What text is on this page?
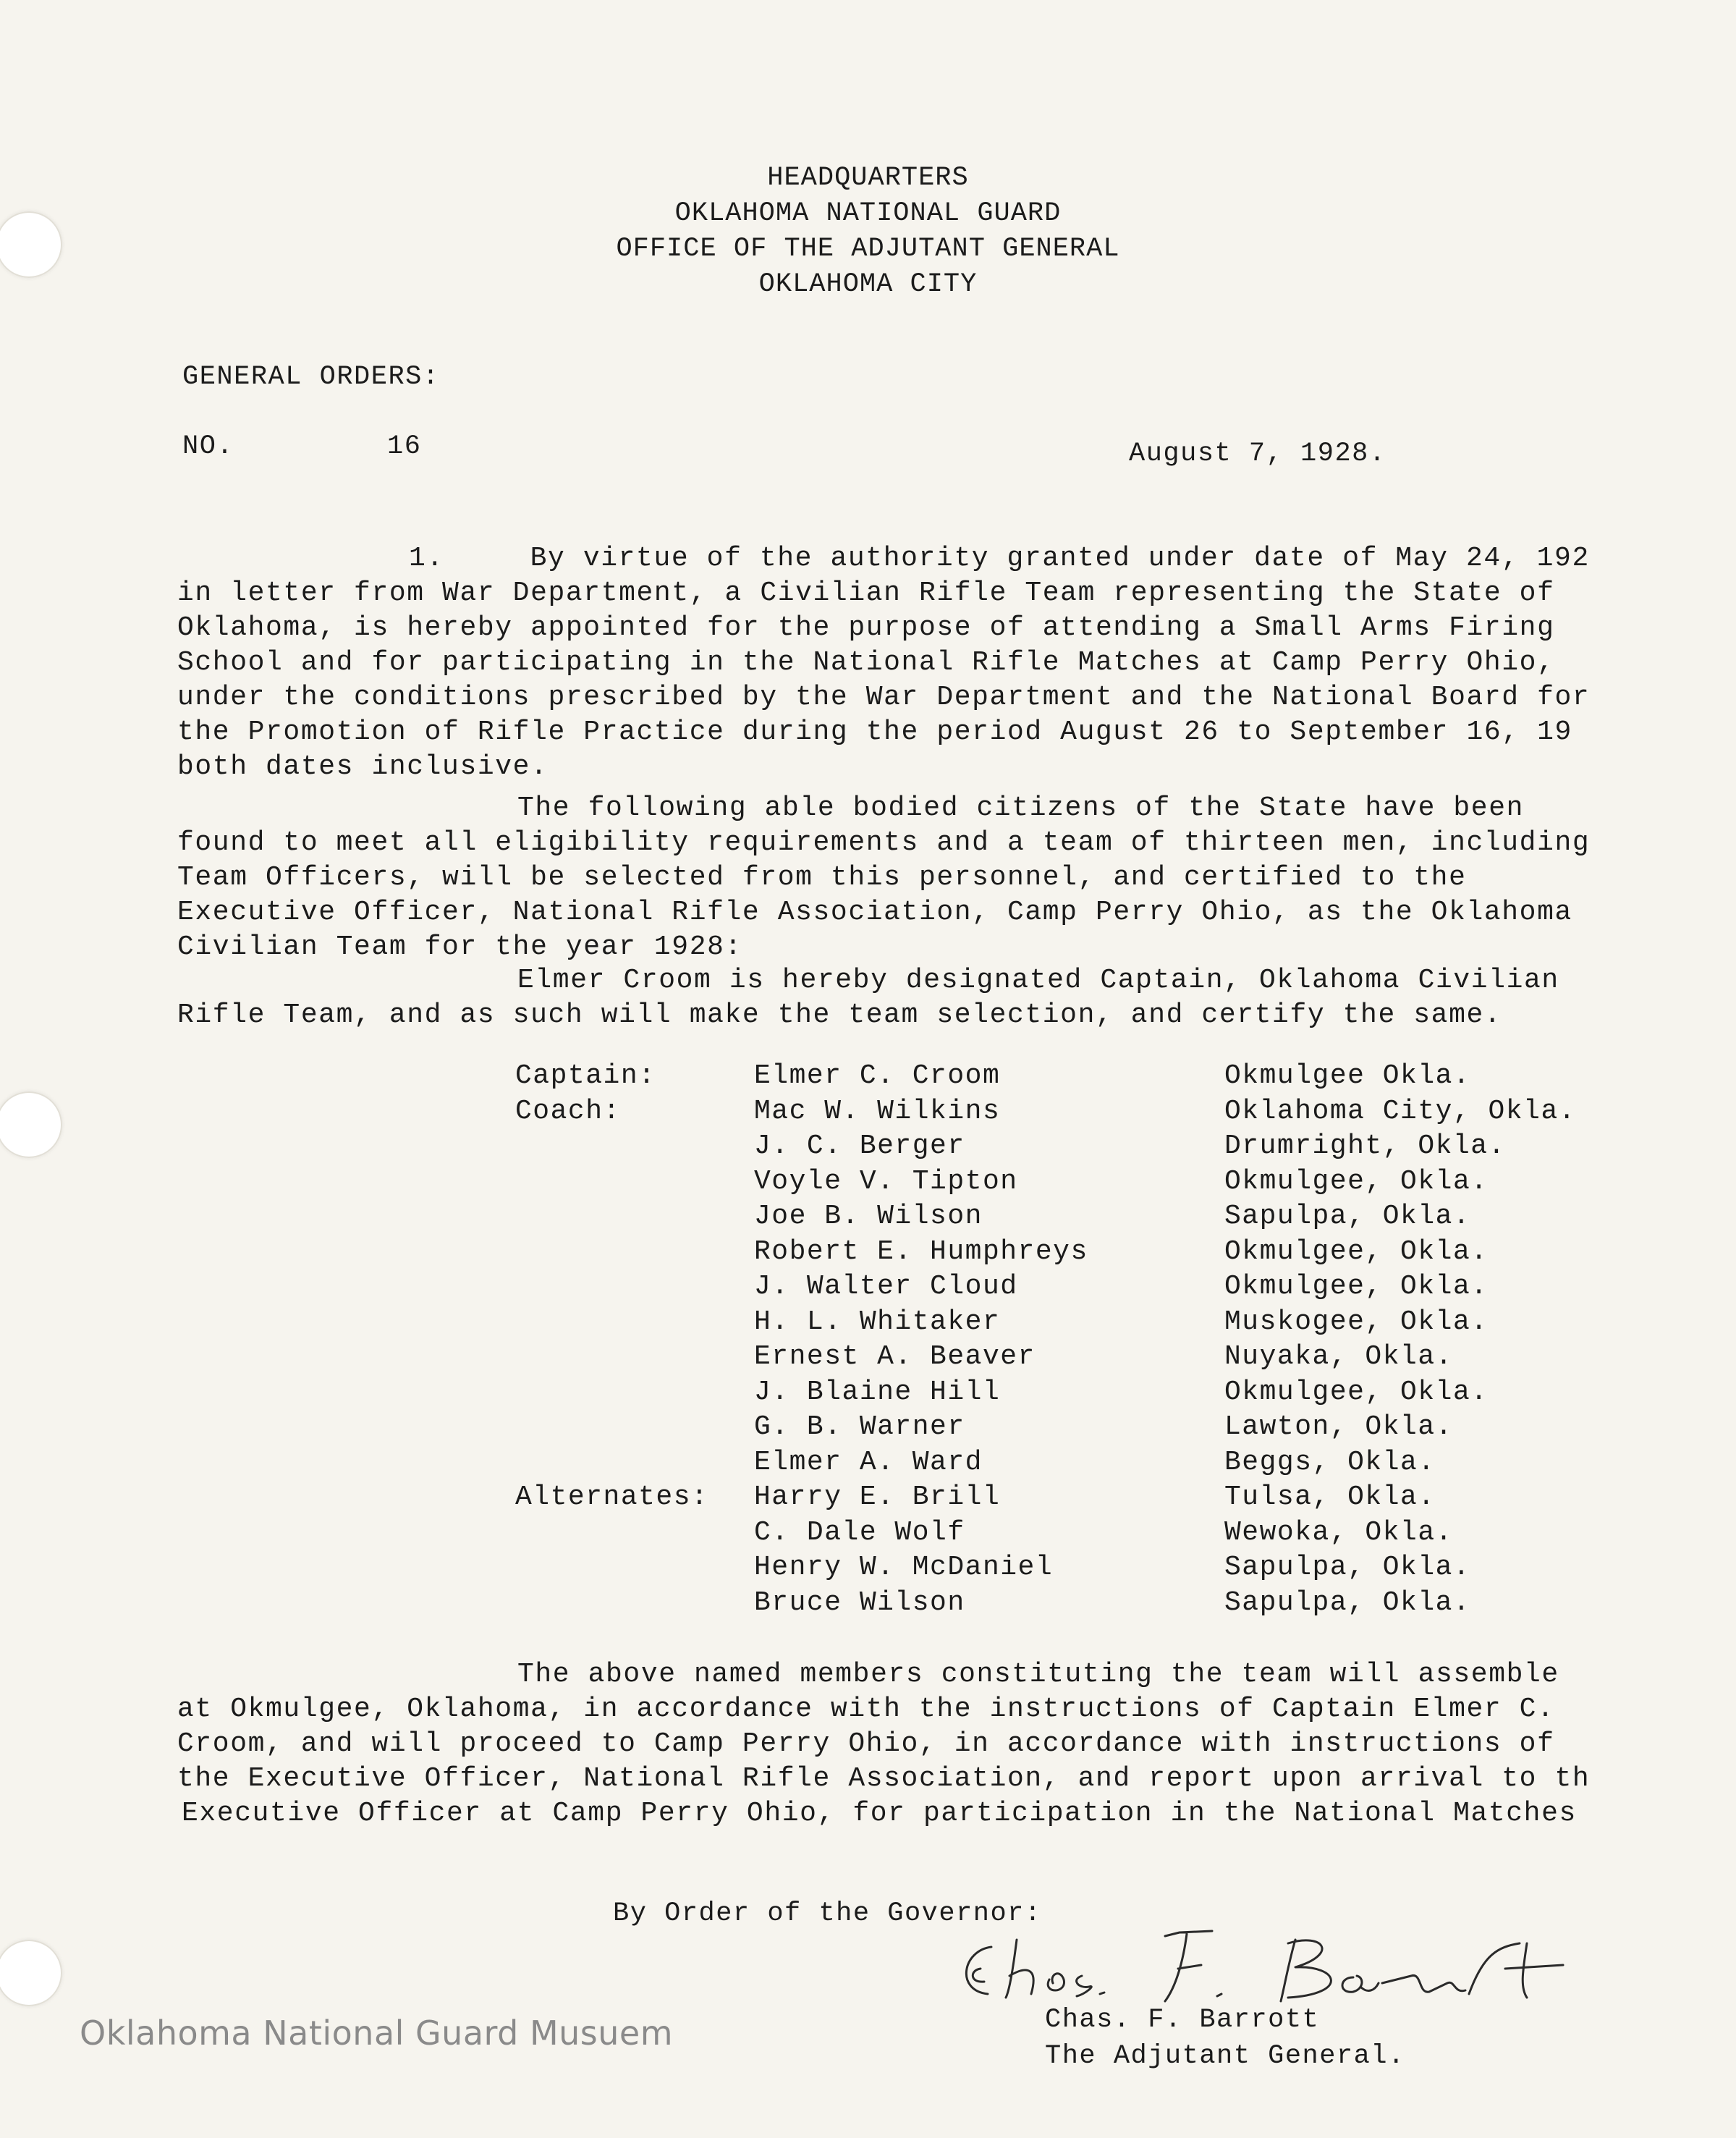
HEADQUARTERS
OKLAHOMA NATIONAL GUARD
OFFICE OF THE ADJUTANT GENERAL
OKLAHOMA CITY
GENERAL ORDERS:
NO.	16	August 7, 1928.
1.	By virtue of the authority granted under date of May 24, 192
in letter from War Department, a Civilian Rifle Team representing the State of
Oklahoma, is hereby appointed for the purpose of attending a Small Arms Firing
School and for participating in the National Rifle Matches at Camp Perry Ohio,
under the conditions prescribed by the War Department and the National Board for
the Promotion of Rifle Practice during the period August 26 to September 16, 19
both dates inclusive.
The following able bodied citizens of the State have been
found to meet all eligibility requirements and a team of thirteen men, including
Team Officers, will be selected from this personnel, and certified to the
Executive Officer, National Rifle Association, Camp Perry Ohio, as the Oklahoma
Civilian Team for the year 1928:
Elmer Croom is hereby designated Captain, Oklahoma Civilian
Rifle Team, and as such will make the team selection, and certify the same.
Captain:	Elmer C. Croom	Okmulgee Okla.
Coach:	Mac W. Wilkins	Oklahoma City, Okla.
J. C. Berger	Drumright, Okla.
Voyle V. Tipton	Okmulgee, Okla.
Joe B. Wilson	Sapulpa, Okla.
Robert E. Humphreys	Okmulgee, Okla.
J. Walter Cloud	Okmulgee, Okla.
H. L. Whitaker	Muskogee, Okla.
Ernest A. Beaver	Nuyaka, Okla.
J. Blaine Hill	Okmulgee, Okla.
G. B. Warner	Lawton, Okla.
Elmer A. Ward	Beggs, Okla.
Alternates: Harry E. Brill	Tulsa, Okla.
C. Dale Wolf	Wewoka, Okla.
Henry W. McDaniel	Sapulpa, Okla.
Bruce Wilson	Sapulpa, Okla.
The above named members constituting the team will assemble
at Okmulgee, Oklahoma, in accordance with the instructions of Captain Elmer C.
Croom, and will proceed to Camp Perry Ohio, in accordance with instructions of
the Executive Officer, National Rifle Association, and report upon arrival to th
Executive Officer at Camp Perry Ohio, for participation in the National Matches
By Order of the Governor:
Chas. F. Barrott
The Adjutant General.
Oklahoma National Guard Musuem
